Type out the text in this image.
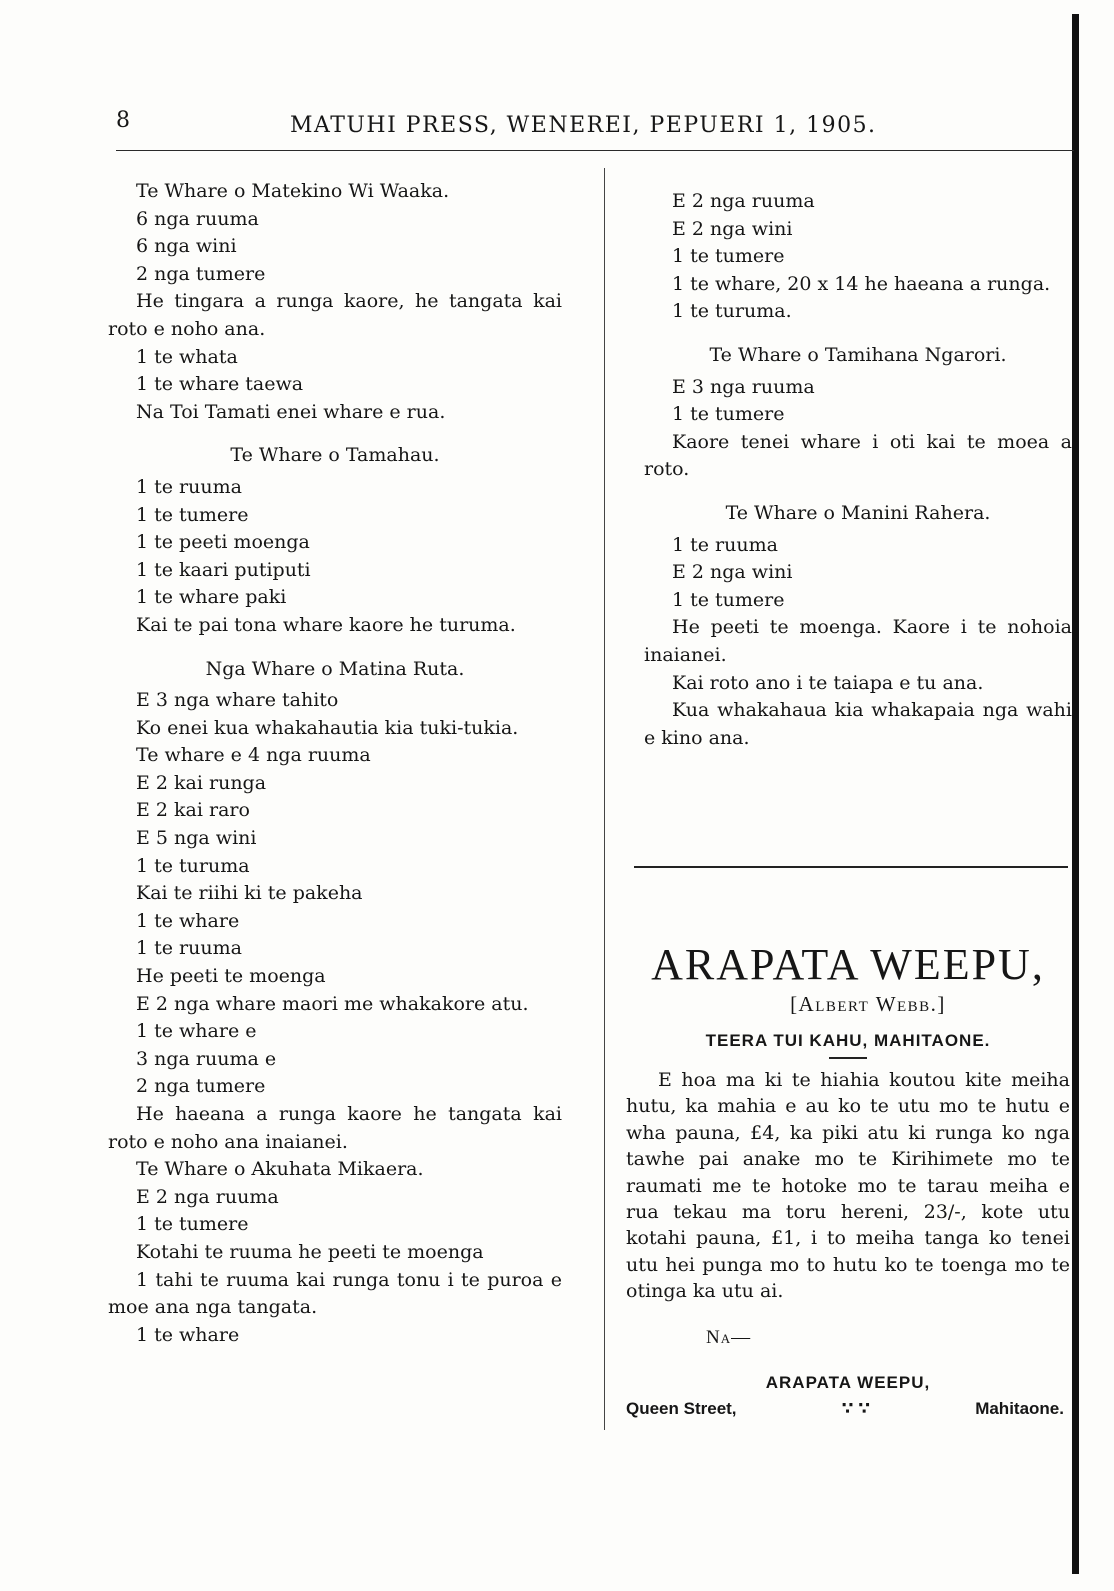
8	MATUHI PRESS, WENEREI, PEPUERI 1, 1905.

Te Whare o Matekino Wi Waaka.

6 nga ruuma

6 nga wini

2 nga tumere

He tingara a runga kaore, he tangata kai roto e noho ana.

1 te whata

1 te whare taewa

Na Toi Tamati enei whare e rua.

Te Whare o Tamahau.

1 te ruuma

1 te tumere

1 te peeti moenga

1 te kaari putiputi

1 te whare paki

Kai te pai tona whare kaore he turuma.

Nga Whare o Matina Ruta.

E 3 nga whare tahito

Ko enei kua whakahautia kia tuki-tukia.

Te whare e 4 nga ruuma

E 2 kai runga

E 2 kai raro

E 5 nga wini

1 te turuma

Kai te riihi ki te pakeha

1 te whare

1 te ruuma

He peeti te moenga

E 2 nga whare maori me whakakore atu.

1 te whare e

3 nga ruuma e

2 nga tumere

He haeana a runga kaore he tangata kai roto e noho ana inaianei.

Te Whare o Akuhata Mikaera.

E 2 nga ruuma

1 te tumere

Kotahi te ruuma he peeti te moenga

1 tahi te ruuma kai runga tonu i te puroa e moe ana nga tangata.

1 te whare

E 2 nga ruuma

E 2 nga wini

1 te tumere

1 te whare, 20 x 14 he haeana a runga.

1 te turuma.

Te Whare o Tamihana Ngarori.

E 3 nga ruuma

1 te tumere

Kaore tenei whare i oti kai te moea a roto.

Te Whare o Manini Rahera.

1 te ruuma

E 2 nga wini

1 te tumere

He peeti te moenga. Kaore i te nohoia inaianei.

Kai roto ano i te taiapa e tu ana.

Kua whakahaua kia whakapaia nga wahi e kino ana.

ARAPATA WEEPU,

[Albert Webb.]

TEERA TUI KAHU, MAHITAONE.

E hoa ma ki te hiahia koutou kite meiha hutu, ka mahia e au ko te utu mo te hutu e wha pauna, £4, ka piki atu ki runga ko nga tawhe pai anake mo te Kirihimete mo te raumati me te hotoke mo te tarau meiha e rua tekau ma toru hereni, 23/-, kote utu kotahi pauna, £1, i to meiha tanga ko tenei utu hei punga mo to hutu ko te toenga mo te otinga ka utu ai.

Na—

ARAPATA WEEPU,

Queen Street,	∵ ∵	Mahitaone.
